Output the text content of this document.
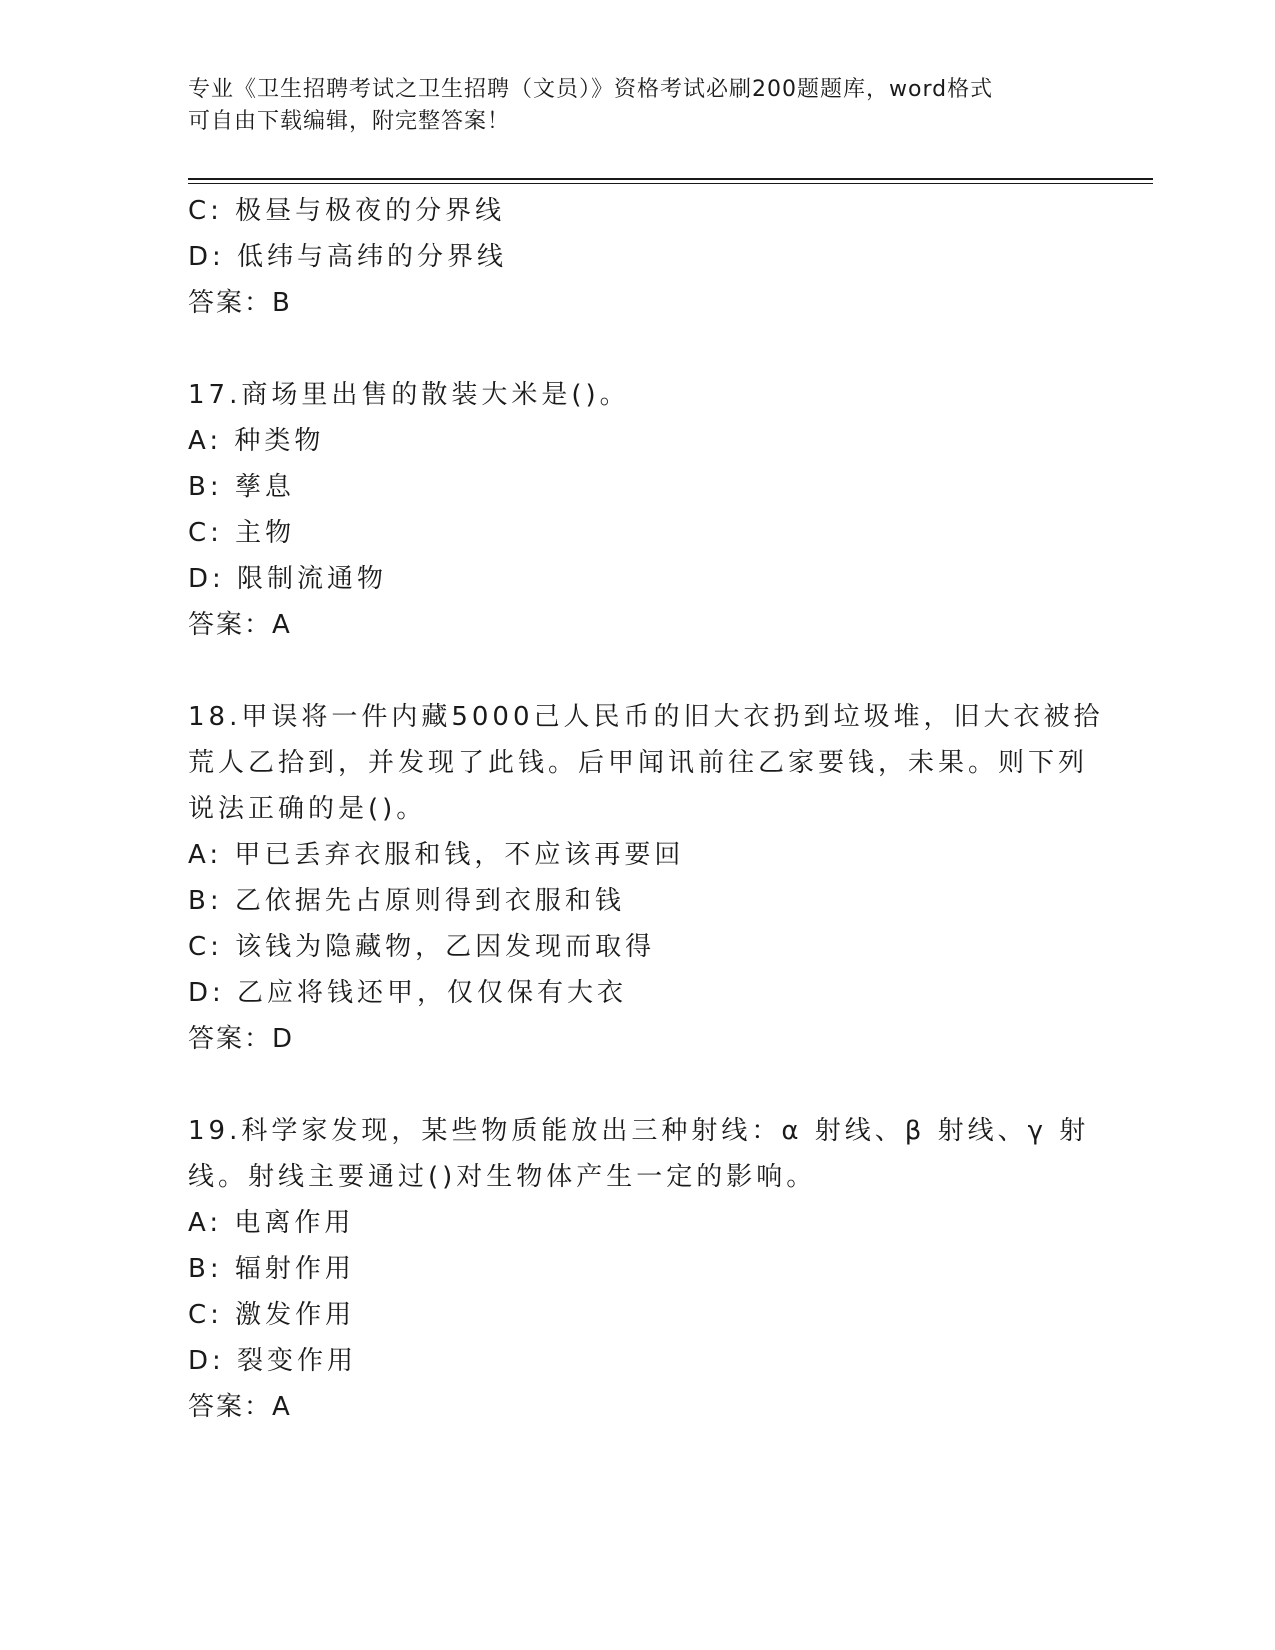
专业《卫生招聘考试之卫生招聘（文员）》资格考试必刷200题题库，word格式
可自由下载编辑，附完整答案！
C: 极昼与极夜的分界线
D: 低纬与高纬的分界线
答案：B
17.商场里出售的散装大米是()。
A: 种类物
B: 孳息
C: 主物
D: 限制流通物
答案：A
18.甲误将一件内藏5000己人民币的旧大衣扔到垃圾堆，旧大衣被拾
荒人乙拾到，并发现了此钱。后甲闻讯前往乙家要钱，未果。则下列
说法正确的是()。
A: 甲已丢弃衣服和钱，不应该再要回
B: 乙依据先占原则得到衣服和钱
C: 该钱为隐藏物，乙因发现而取得
D: 乙应将钱还甲，仅仅保有大衣
答案：D
19.科学家发现，某些物质能放出三种射线：α 射线、β 射线、γ 射
线。射线主要通过()对生物体产生一定的影响。
A: 电离作用
B: 辐射作用
C: 激发作用
D: 裂变作用
答案：A
